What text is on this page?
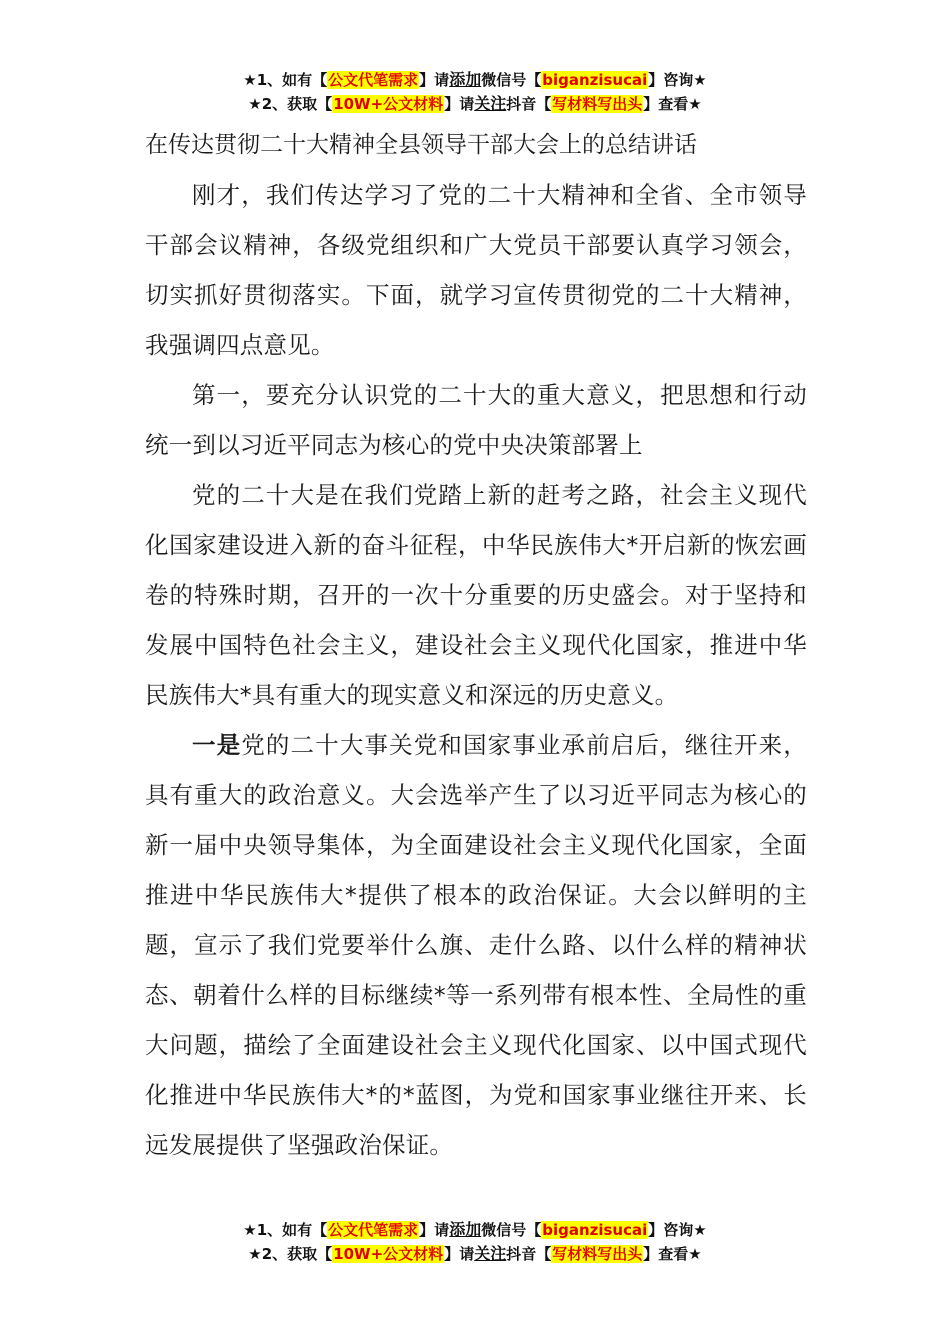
★1、如有【公文代笔需求】请添加微信号【biganzisucai】咨询★
★2、获取【10W+公文材料】请关注抖音【写材料写出头】查看★
在传达贯彻二十大精神全县领导干部大会上的总结讲话

刚才，我们传达学习了党的二十大精神和全省、全市领导干部会议精神，各级党组织和广大党员干部要认真学习领会，切实抓好贯彻落实。下面，就学习宣传贯彻党的二十大精神，我强调四点意见。

第一，要充分认识党的二十大的重大意义，把思想和行动统一到以习近平同志为核心的党中央决策部署上

党的二十大是在我们党踏上新的赶考之路，社会主义现代化国家建设进入新的奋斗征程，中华民族伟大*开启新的恢宏画卷的特殊时期，召开的一次十分重要的历史盛会。对于坚持和发展中国特色社会主义，建设社会主义现代化国家，推进中华民族伟大*具有重大的现实意义和深远的历史意义。

一是党的二十大事关党和国家事业承前启后，继往开来，具有重大的政治意义。大会选举产生了以习近平同志为核心的新一届中央领导集体，为全面建设社会主义现代化国家，全面推进中华民族伟大*提供了根本的政治保证。大会以鲜明的主题，宣示了我们党要举什么旗、走什么路、以什么样的精神状态、朝着什么样的目标继续*等一系列带有根本性、全局性的重大问题，描绘了全面建设社会主义现代化国家、以中国式现代化推进中华民族伟大*的*蓝图，为党和国家事业继往开来、长远发展提供了坚强政治保证。

★1、如有【公文代笔需求】请添加微信号【biganzisucai】咨询★
★2、获取【10W+公文材料】请关注抖音【写材料写出头】查看★
